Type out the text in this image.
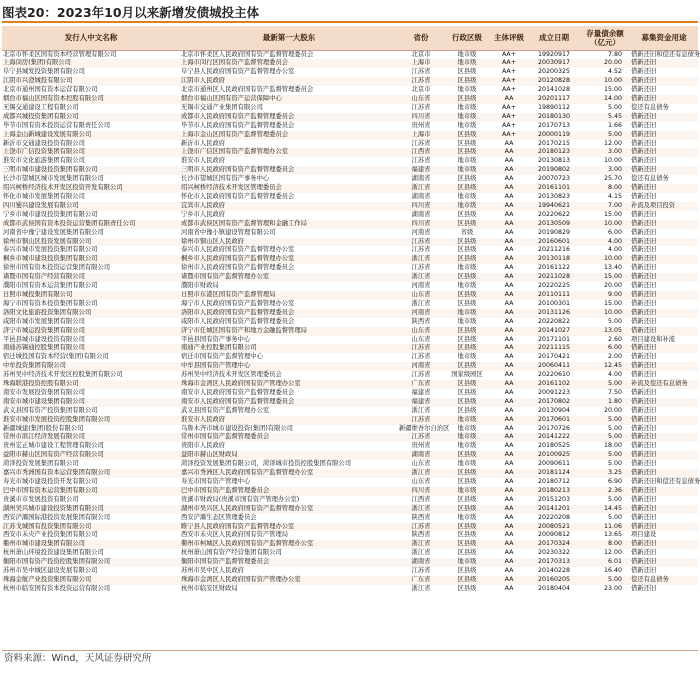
图表20：2023年10月以来新增发债城投主体
发行人中文名称	最新第一大股东	省份	行政区级	主体评级	成立日期	存量债余额（亿元）	募集资金用途
北京市怀柔区国有资本经营管理有限公司	北京市怀柔区人民政府国有资产监督管理委员会	北京市	地市级	AA+	19920917	7.80	借新还旧和偿还有息债务
上海闵房(集团)有限公司	上海市闵行区国有资产监督管理委员会	上海市	地市级	AA+	20030917	20.00	借新还旧
阜宁县城发投资集团有限公司	阜宁县人民政府国有资产监督管理办公室	江苏省	区县级	AA+	20200325	4.52	借新还旧
江阴市兴澄城投有限公司	江阴市人民政府	江苏省	区县级	AA+	20120828	10.00	借新还旧
北京市通州国有资本运营有限公司	北京市通州区人民政府国有资产监督管理委员会	北京市	地市级	AA+	20141028	15.00	借新还旧
烟台市福山区国有资本控股有限公司	烟台市福山区国有资产运营保障中心	山东省	区县级	AA	20201117	14.00	借新还旧
无锡交通建设工程有限公司	无锡市交通产业集团有限公司	江苏省	地市级	AA+	19890112	5.00	偿还有息债务
成都兴城投资集团有限公司	成都市人民政府国有资产监督管理委员会	四川省	地市级	AA+	20180130	5.45	借新还旧
毕节市国有资本投资运营有限责任公司	毕节市人民政府国有资产监督管理委员会	贵州省	地市级	AA+	20170713	1.66	借新还旧
上海金山新城建设发展有限公司	上海市金山区国有资产监督管理委员会	上海市	区县级	AA+	20000119	5.00	借新还旧
新沂市交通建设投资有限公司	新沂市人民政府	江苏省	区县级	AA	20170215	12.00	借新还旧
上饶市广信投资集团有限公司	上饶市广信区国有资产监督管理办公室	江西省	区县级	AA	20180123	3.00	借新还旧
淮安市文化旅游集团有限公司	淮安市人民政府	江苏省	地市级	AA	20130813	10.00	借新还旧
三明市城市建设投资集团有限公司	三明市人民政府国有资产监督管理委员会	福建省	地市级	AA	20190802	3.00	借新还旧
长沙市望城区城市发展集团有限公司	长沙市望城区国有资产事务中心	湖南省	区县级	AA	20070723	25.70	偿还有息债务
绍兴柯桥经济技术开发区投资开发有限公司	绍兴柯桥经济技术开发区管理委员会	浙江省	区县级	AA	20161101	8.00	借新还旧
怀化市城市发展集团有限公司	怀化市人民政府国有资产监督管理委员会	湖南省	地市级	AA	20130823	4.15	借新还旧
四川蜀兴建设发展有限公司	宜宾市人民政府	四川省	地市级	AA	19940621	7.00	补流及项目投资
宁乡市城市建设投资集团有限公司	宁乡市人民政府	湖南省	区县级	AA	20220622	15.00	借新还旧
成都市武侯国有资本投资运营集团有限责任公司	成都市武侯区国有资产监督管理和金融工作局	四川省	区县级	AA	20130509	10.00	借新还旧
河南省中豫宁建设发展集团有限公司	河南省中豫小镇建设管理有限公司	河南省	省级	AA	20190829	6.00	借新还旧
徐州市铜山区投资发展有限公司	徐州市铜山区人民政府	江苏省	区县级	AA	20160601	4.00	借新还旧
泰兴市城市发展投资集团有限公司	泰兴市人民政府国有资产监督管理办公室	江苏省	区县级	AA	20211216	4.00	借新还旧
桐乡市城市建设投资集团有限公司	桐乡市人民政府国有资产监督管理办公室	浙江省	区县级	AA	20130118	10.00	借新还旧
徐州市国有资本投资运营集团有限公司	徐州市人民政府国有资产监督管理委员会	江苏省	地市级	AA	20161122	13.40	借新还旧
诸暨市国有资产经营有限公司	诸暨市国有资产监督管理办公室	浙江省	区县级	AA	20211028	15.00	借新还旧
濮阳市国有资本运营集团有限公司	濮阳市财政局	河南省	地市级	AA	20220225	20.00	借新还旧
日照市城投集团有限公司	日照市东港区国有资产监督管理局	山东省	区县级	AA	20110111	9.00	借新还旧
海宁市国有资本投资集团有限公司	海宁市人民政府国有资产监督管理办公室	浙江省	区县级	AA	20100301	15.00	借新还旧
洛阳文化旅游投资集团有限公司	洛阳市人民政府国有资产监督管理委员会	河南省	地市级	AA	20131126	10.00	借新还旧
咸阳市城市发展集团有限公司	咸阳市人民政府国有资产监督管理委员会	陕西省	地市级	AA	20220822	5.00	借新还旧
济宁市城运投资集团有限公司	济宁市任城区国有资产和地方金融监督管理局	山东省	区县级	AA	20141027	13.05	借新还旧
平邑县城市建设投资有限公司	平邑县国有资产事务中心	山东省	区县级	AA	20171101	2.60	项目建设和补流
南通苏锡通控股集团有限公司	南通产业控股集团有限公司	江苏省	区县级	AA	20211115	6.00	借新还旧
宿迁城投国有资本经营(集团)有限公司	宿迁市国有资产监督管理中心	江苏省	地市级	AA	20170421	2.00	借新还旧
中牟投资集团有限公司	中牟县国有资产管理中心	河南省	区县级	AA	20060411	12.45	借新还旧
苏州吴中经济技术开发区控股集团有限公司	苏州吴中经济技术开发区管理委员会	江苏省	国家级园区	AA	20220610	4.00	借新还旧
珠海联港投资控股有限公司	珠海市金湾区人民政府国有资产管理办公室	广东省	区县级	AA	20161102	5.00	补流及偿还有息债务
南安市发展投资集团有限公司	南安市人民政府国有资产监督管理委员会	福建省	区县级	AA	20091223	7.50	借新还旧
南安市城市建设集团有限公司	南安市人民政府国有资产监督管理委员会	福建省	区县级	AA	20170802	1.80	借新还旧
武义县国有资产投资集团有限公司	武义县国有资产监督管理办公室	浙江省	区县级	AA	20130904	20.00	借新还旧
淮安市城市发展投资控股集团有限公司	淮安市人民政府	江苏省	地市级	AA	20170601	5.00	借新还旧
新疆城建(集团)股份有限公司	乌鲁木齐市城市建设投资(集团)有限公司	新疆维吾尔自治区	地市级	AA	20170726	5.00	借新还旧
常州市滨江经济发展有限公司	常州市国有资产监督管理委员会	江苏省	地市级	AA	20141222	5.00	借新还旧
贵州宏正城市建设工程管理有限公司	贵阳市人民政府	贵州省	地市级	AA	20180525	18.00	借新还旧
益阳市赫山区国有资产经营有限公司	益阳市赫山区财政局	湖南省	区县级	AA	20100925	5.00	借新还旧
菏泽投资发展集团有限公司	菏泽投资发展集团有限公司，菏泽城市投资控股集团有限公司	山东省	地市级	AA	20090611	5.00	借新还旧
嘉兴市秀洲国有资本运营集团有限公司	嘉兴市秀洲区人民政府国有资产监督管理办公室	浙江省	区县级	AA	20181124	3.25	借新还旧
寿光市城市建设投资开发有限公司	寿光市国有资产管理中心	山东省	区县级	AA	20180712	6.90	借新还旧和偿还有息债务
巴中市国有资本运营集团有限公司	巴中市国有资产监督管理委员会	四川省	地市级	AA	20180213	2.36	借新还旧
贵溪市市发展投资有限公司	贵溪市财政局(贵溪市国有资产管理办公室)	江西省	区县级	AA	20151203	5.00	借新还旧
湖州吴兴城市建设投资集团有限公司	湖州市吴兴区人民政府国有资产监督管理办公室	浙江省	区县级	AA	20141201	14.45	借新还旧
西安浐灞国际港投资发展集团有限公司	西安浐灞生态区管理委员会	陕西省	地市级	AA	20220208	5.00	借新还旧
江苏戈城国有投资集团有限公司	睢宁县人民政府国有资产监督管理办公室	江苏省	区县级	AA	20080521	11.06	借新还旧
西安市未央产业投资集团有限公司	西安市未央区人民政府国有资产管理局	陕西省	区县级	AA	20090812	13.65	项目建设
衢州市城市建设集团有限公司	衢州市柯城区人民政府国有资产监督管理办公室	浙江省	区县级	AA	20170324	8.00	借新还旧
杭州萧山环境投资建设集团有限公司	杭州萧山国有资产经营集团有限公司	浙江省	区县级	AA	20230322	12.00	借新还旧
衡阳市国有资产投资控股集团有限公司	衡阳市国有资产监督管理委员会	湖南省	地市级	AA	20170313	6.01	借新还旧
苏州市吴中城区建设发展有限公司	苏州市吴中区人民政府	江苏省	区县级	AA	20140228	16.40	借新还旧
珠海金航产业投资集团有限公司	珠海市金湾区人民政府国有资产管理办公室	广东省	区县级	AA	20160205	5.00	偿还有息债务
杭州市临安国有资本投资运营有限公司	杭州市临安区财政局	浙江省	区县级	AA	20180404	23.00	借新还旧
资料来源：Wind，天风证券研究所
